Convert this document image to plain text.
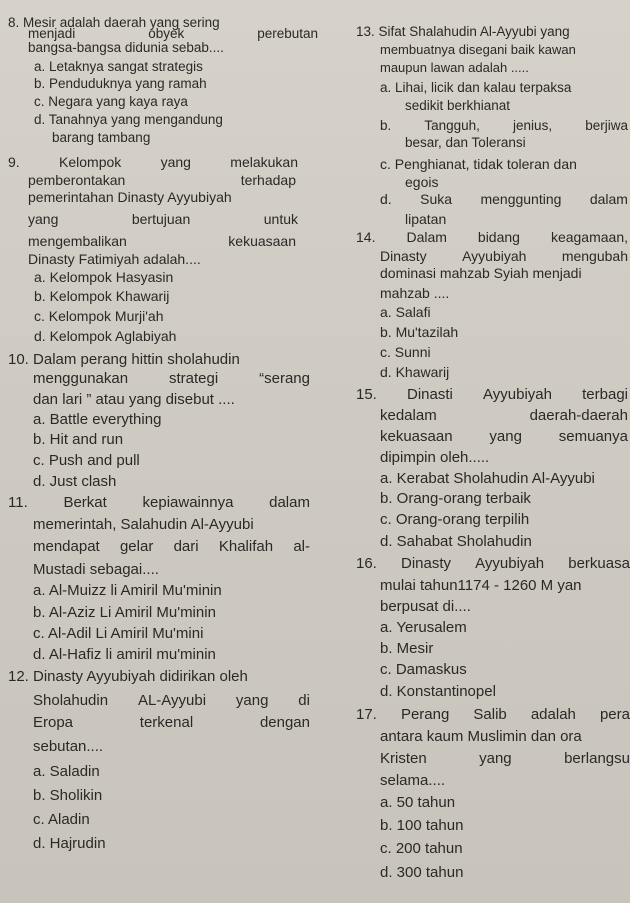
8. Mesir adalah daerah yang sering
menjadi	obyek	perebutan
bangsa-bangsa didunia sebab....
a. Letaknya sangat strategis
b. Penduduknya yang ramah
c. Negara yang kaya raya
d. Tanahnya yang mengandung
barang tambang
9.	Kelompok	yang	melakukan
pemberontakan	terhadap
pemerintahan Dinasty Ayyubiyah
yang	bertujuan	untuk
mengembalikan	kekuasaan
Dinasty Fatimiyah adalah....
a. Kelompok Hasyasin
b. Kelompok Khawarij
c. Kelompok Murji'ah
d. Kelompok Aglabiyah
10. Dalam perang hittin sholahudin
menggunakan	strategi	“serang
dan lari ” atau yang disebut ....
a. Battle everything
b. Hit and run
c. Push and pull
d. Just clash
11. Berkat kepiawainnya dalam
memerintah, Salahudin Al-Ayyubi
mendapat gelar dari Khalifah al-
Mustadi sebagai....
a. Al-Muizz li Amiril Mu'minin
b. Al-Aziz Li Amiril Mu'minin
c. Al-Adil Li Amiril Mu'mini
d. Al-Hafiz li amiril mu'minin
12. Dinasty Ayyubiyah didirikan oleh
Sholahudin AL-Ayyubi yang di
Eropa	terkenal	dengan
sebutan....
a. Saladin
b. Sholikin
c. Aladin
d. Hajrudin
13. Sifat Shalahudin Al-Ayyubi yang
membuatnya disegani baik kawan
maupun lawan adalah .....
a. Lihai, licik dan kalau terpaksa
sedikit berkhianat
b. Tangguh, jenius, berjiwa
besar, dan Toleransi
c. Penghianat, tidak toleran dan
egois
d. Suka menggunting dalam
lipatan
14. Dalam bidang keagamaan,
Dinasty	Ayyubiyah	mengubah
dominasi mahzab Syiah menjadi
mahzab ....
a. Salafi
b. Mu'tazilah
c. Sunni
d. Khawarij
15. Dinasti Ayyubiyah terbagi
kedalam	daerah-daerah
kekuasaan yang semuanya
dipimpin oleh.....
a. Kerabat Sholahudin Al-Ayyubi
b. Orang-orang terbaik
c. Orang-orang terpilih
d. Sahabat Sholahudin
16. Dinasty Ayyubiyah berkuasa
mulai tahun1174 - 1260 M yan
berpusat di....
a. Yerusalem
b. Mesir
c. Damaskus
d. Konstantinopel
17. Perang Salib adalah pera
antara kaum Muslimin dan ora
Kristen	yang	berlangsu
selama....
a. 50 tahun
b. 100 tahun
c. 200 tahun
d. 300 tahun
